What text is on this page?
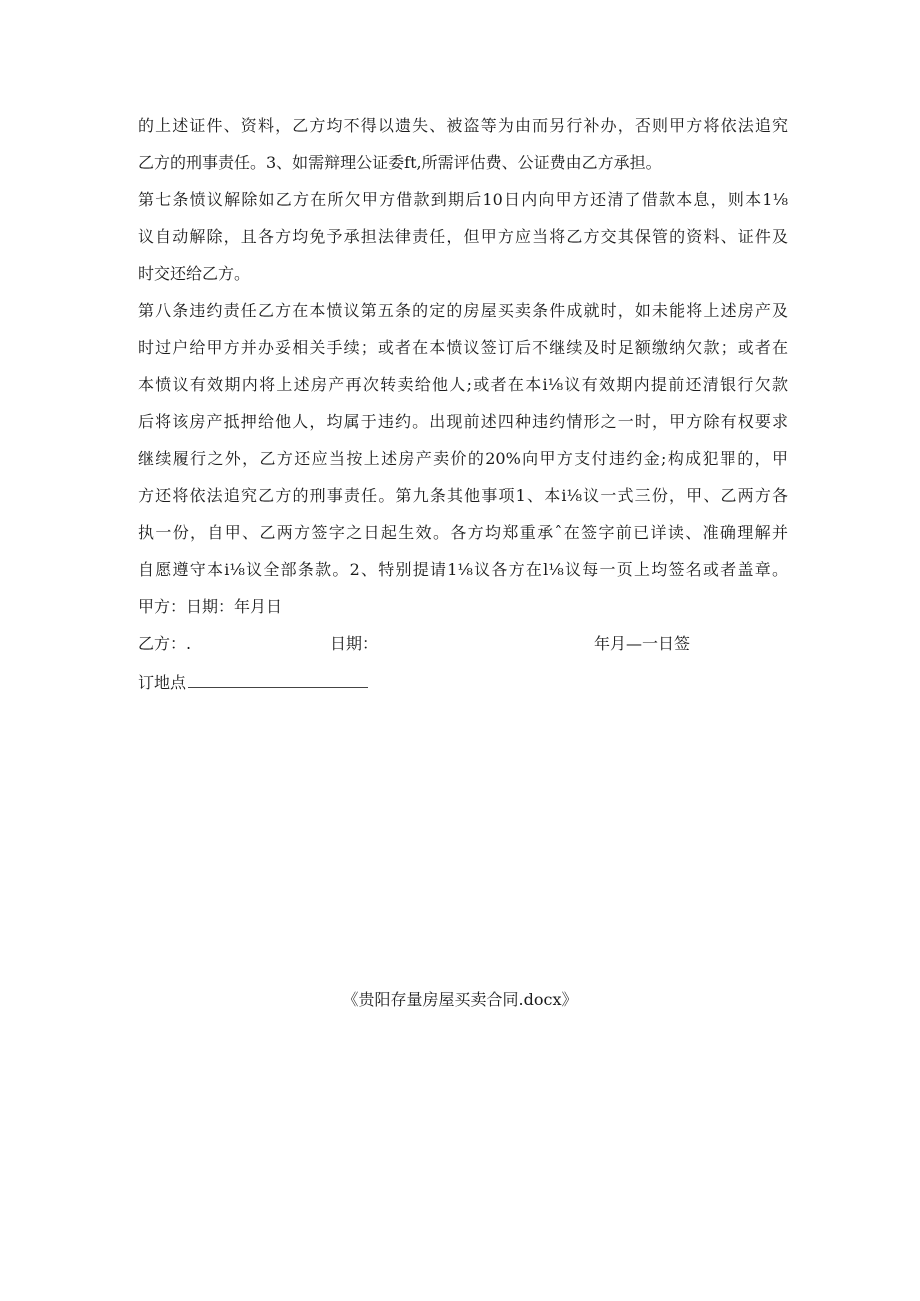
的上述证件、资料，乙方均不得以遗失、被盗等为由而另行补办，否则甲方将依法追究
乙方的刑事责任。3、如需辩理公证委ft,所需评估费、公证费由乙方承担。
第七条愤议解除如乙方在所欠甲方借款到期后10日内向甲方还清了借款本息，则本1⅛
议自动解除，且各方均免予承担法律责任，但甲方应当将乙方交其保管的资料、证件及
时交还给乙方。
第八条违约责任乙方在本愤议第五条的定的房屋买卖条件成就时，如未能将上述房产及
时过户给甲方并办妥相关手续；或者在本愤议签订后不继续及时足额缴纳欠款；或者在
本愤议有效期内将上述房产再次转卖给他人;或者在本i⅛议有效期内提前还清银行欠款
后将该房产抵押给他人，均属于违约。出现前述四种违约情形之一时，甲方除有权要求
继续履行之外，乙方还应当按上述房产卖价的20%向甲方支付违约金;构成犯罪的，甲
方还将依法追究乙方的刑事责任。第九条其他事项1、本i⅛议一式三份，甲、乙两方各
执一份，自甲、乙两方签字之日起生效。各方均郑重承ˆ在签字前已详读、准确理解并
自愿遵守本i⅛议全部条款。2、特别提请1⅛议各方在l⅛议每一页上均签名或者盖章。
甲方：日期：年月日
乙方：.	日期：	年月—一日签
订地点
《贵阳存量房屋买卖合同.docx》
